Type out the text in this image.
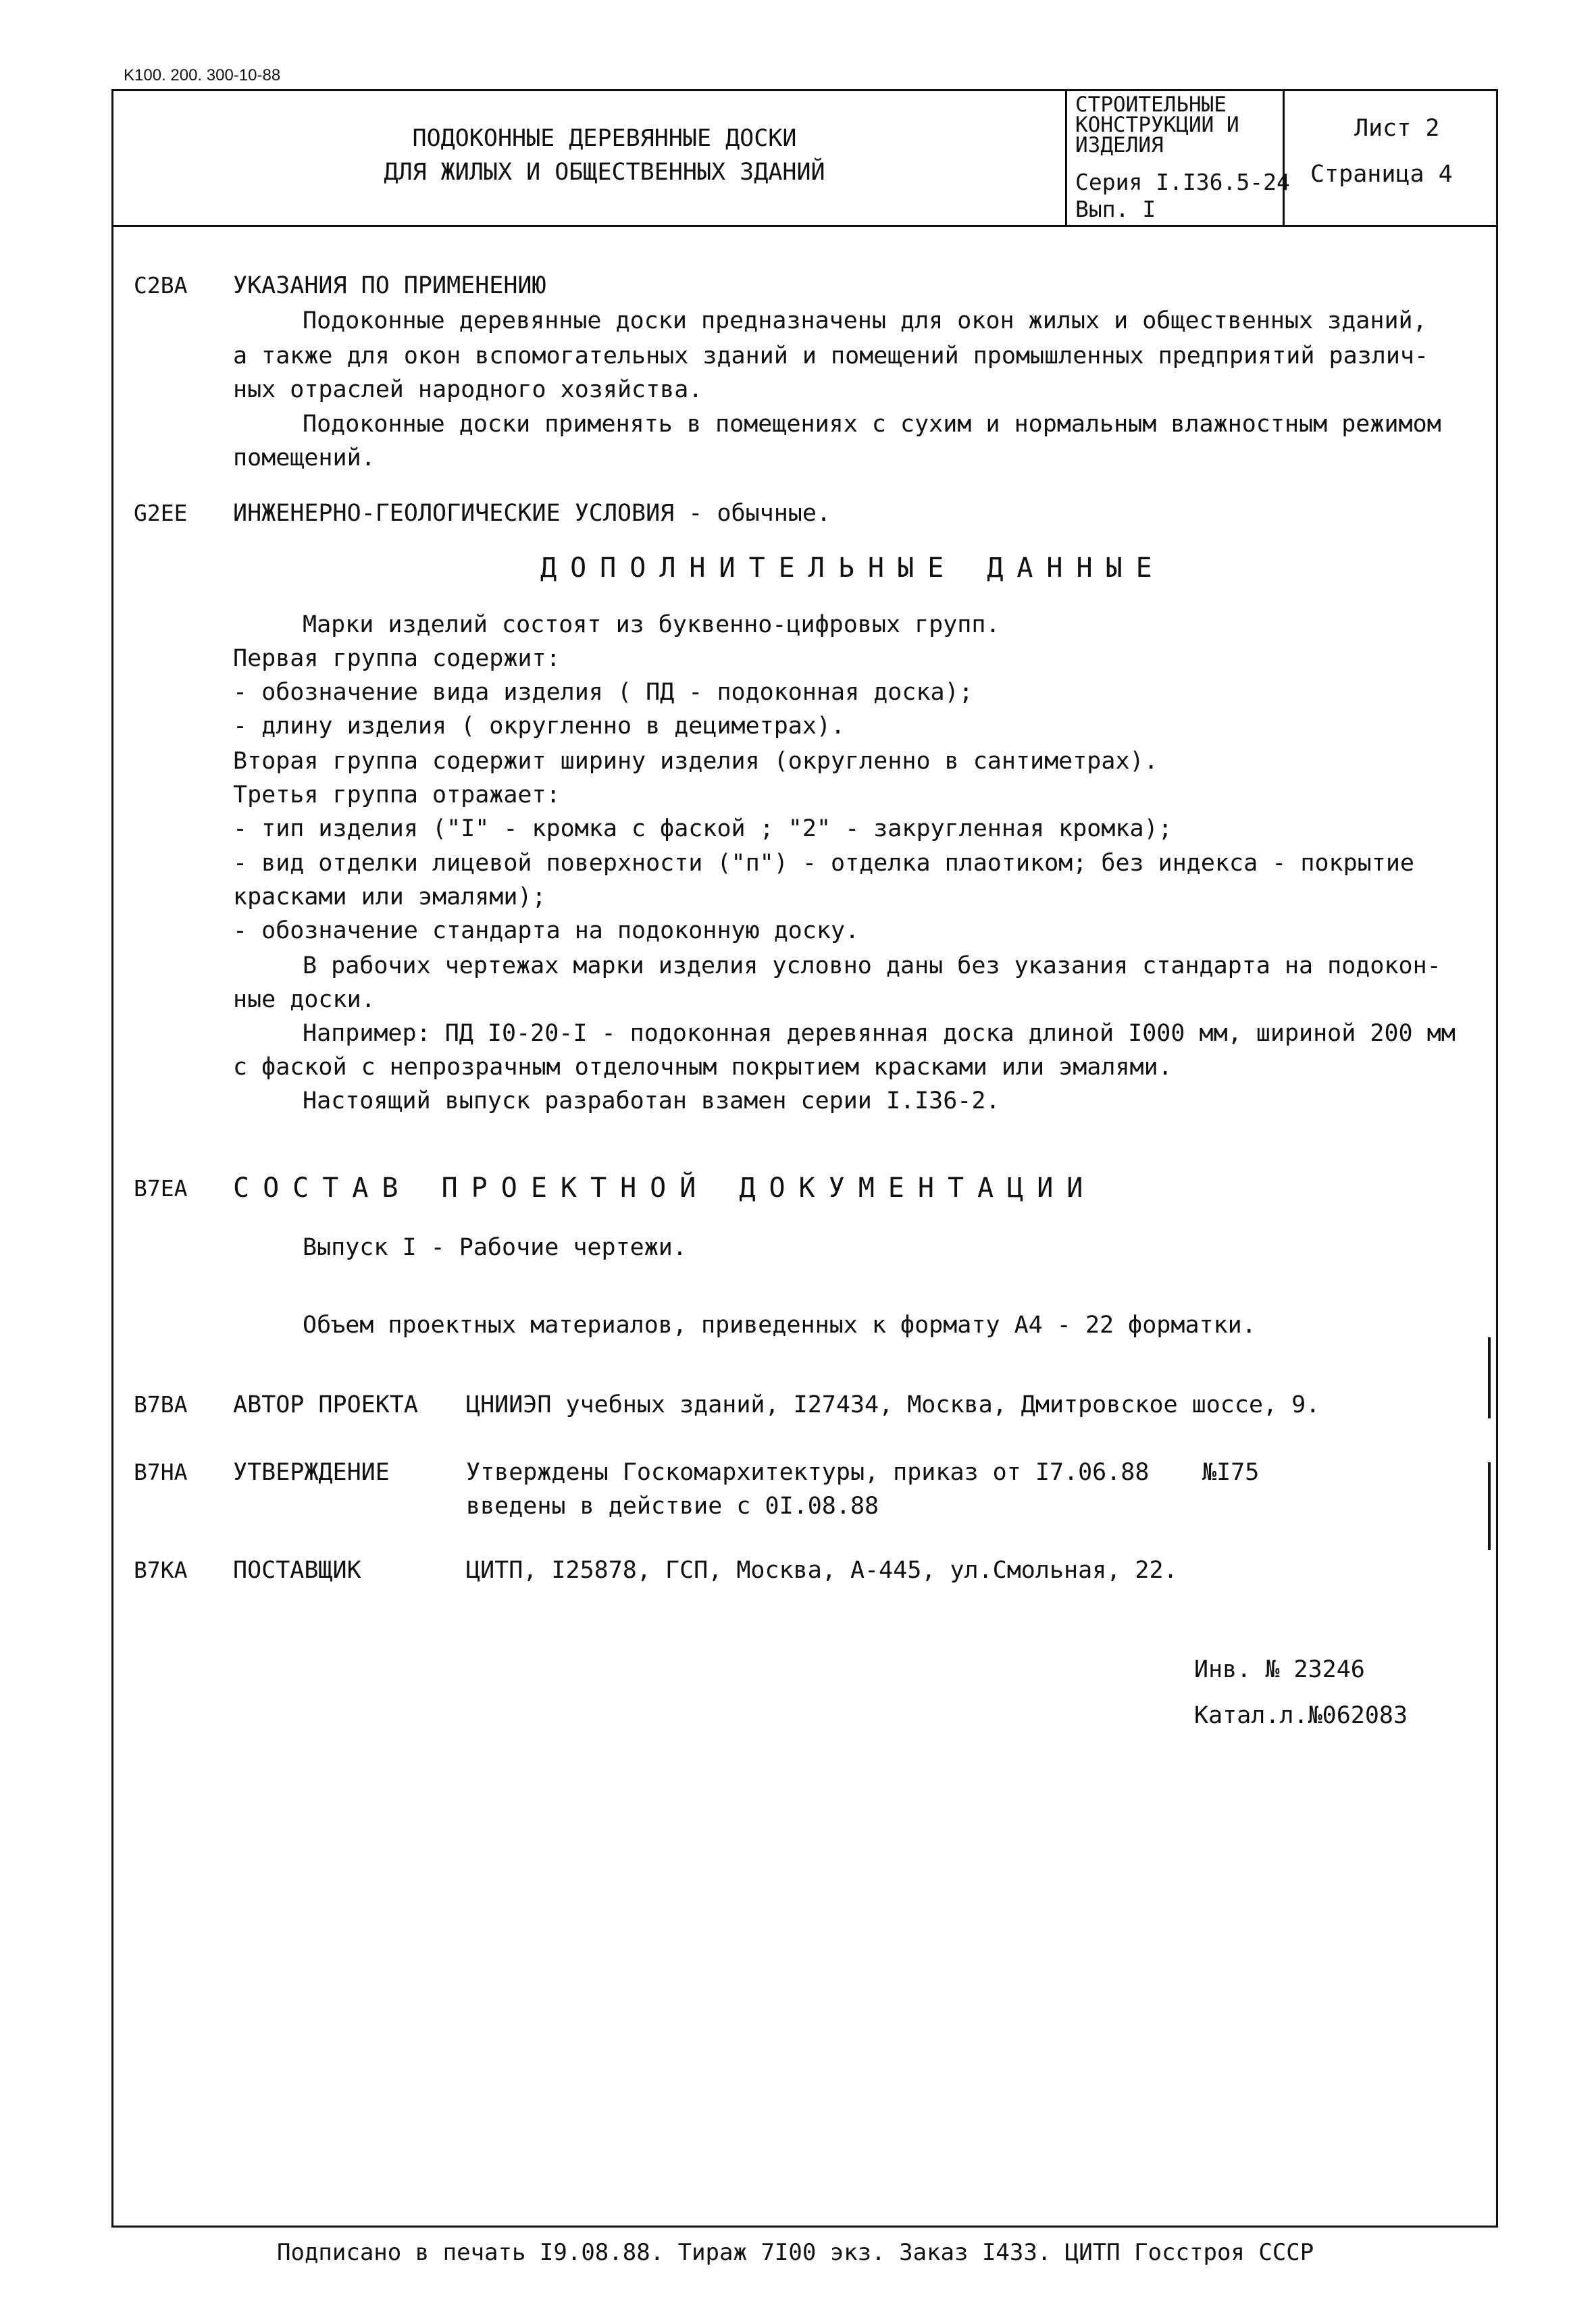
K100. 200. 300-10-88
ПОДОКОННЫЕ ДЕРЕВЯННЫЕ ДОСКИ
ДЛЯ ЖИЛЫХ И ОБЩЕСТВЕННЫХ ЗДАНИЙ
СТРОИТЕЛЬНЫЕ
КОНСТРУКЦИИ И
ИЗДЕЛИЯ
Серия I.I36.5-24
Вып. I
Лист 2
Страница 4
C2BA УКАЗАНИЯ ПО ПРИМЕНЕНИЮ
Подоконные деревянные доски предназначены для окон жилых и общественных зданий,
а также для окон вспомогательных зданий и помещений промышленных предприятий различ-
ных отраслей народного хозяйства.
Подоконные доски применять в помещениях с сухим и нормальным влажностным режимом
помещений.
G2EE ИНЖЕНЕРНО-ГЕОЛОГИЧЕСКИЕ УСЛОВИЯ - обычные.
ДОПОЛНИТЕЛЬНЫЕ ДАННЫЕ
Марки изделий состоят из буквенно-цифровых групп.
Первая группа содержит:
- обозначение вида изделия ( ПД - подоконная доска);
- длину изделия ( округленно в дециметрах).
Вторая группа содержит ширину изделия (округленно в сантиметрах).
Третья группа отражает:
- тип изделия ("I" - кромка с фаской ; "2" - закругленная кромка);
- вид отделки лицевой поверхности ("п") - отделка плаотиком; без индекса - покрытие
красками или эмалями);
- обозначение стандарта на подоконную доску.
В рабочих чертежах марки изделия условно даны без указания стандарта на подокон-
ные доски.
Например: ПД I0-20-I - подоконная деревянная доска длиной I000 мм, шириной 200 мм
с фаской с непрозрачным отделочным покрытием красками или эмалями.
Настоящий выпуск разработан взамен серии I.I36-2.
B7EA СОСТАВ ПРОЕКТНОЙ ДОКУМЕНТАЦИИ
Выпуск I - Рабочие чертежи.
Объем проектных материалов, приведенных к формату А4 - 22 форматки.
B7BA АВТОР ПРОЕКТА ЦНИИЭП учебных зданий, I27434, Москва, Дмитровское шоссе, 9.
B7HA УТВЕРЖДЕНИЕ	Утверждены Госкомархитектуры, приказ от I7.06.88 №I75
введены в действие с 0I.08.88
B7KA ПОСТАВЩИК	ЦИТП, I25878, ГСП, Москва, А-445, ул.Смольная, 22.
Инв. № 23246
Катал.л.№062083
Подписано в печать I9.08.88. Тираж 7I00 экз. Заказ I433. ЦИТП Госстроя СССР
